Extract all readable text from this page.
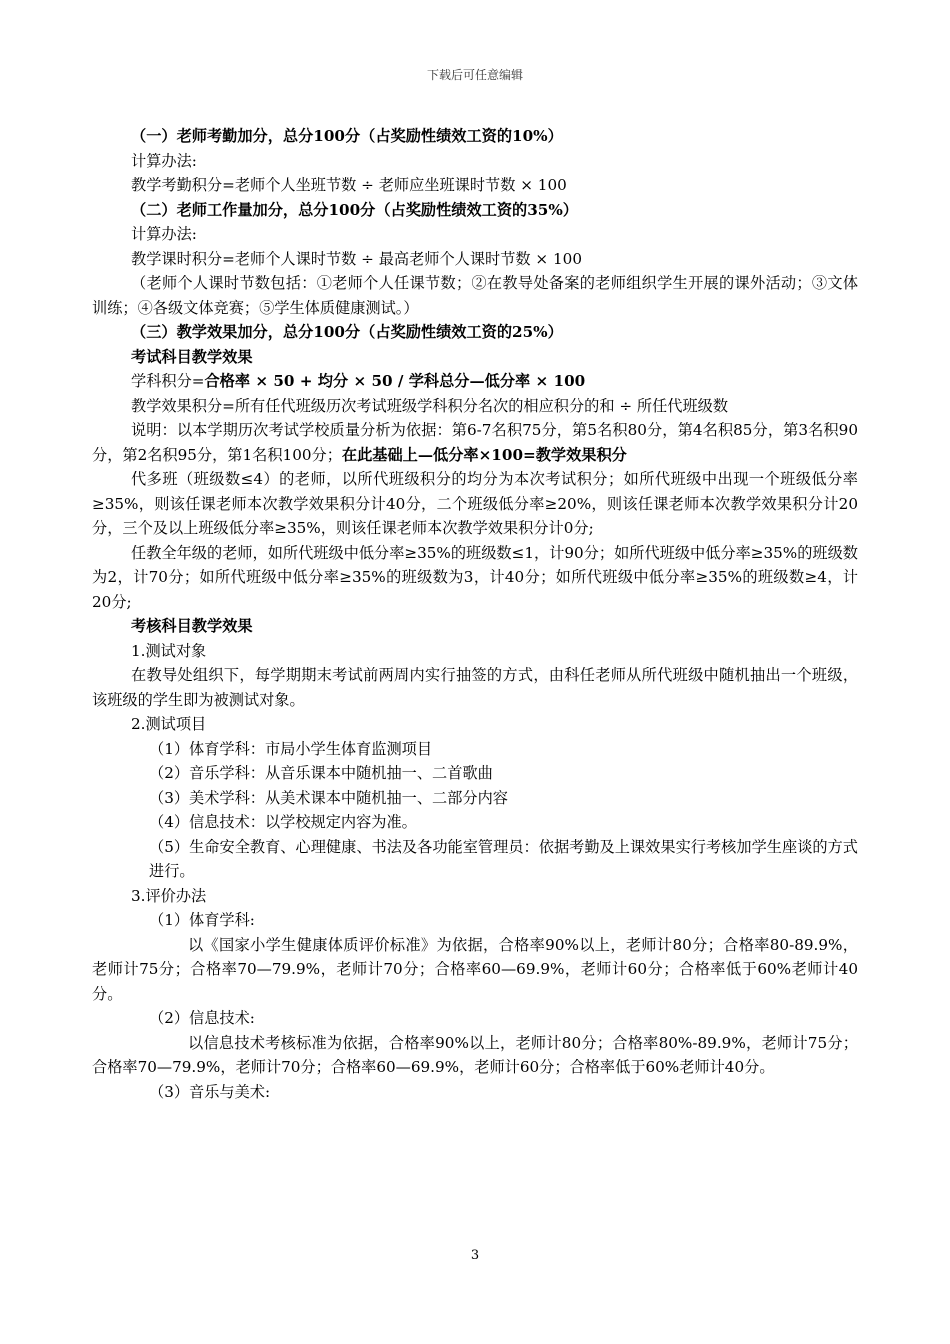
下载后可任意编辑

（一）老师考勤加分，总分100分（占奖励性绩效工资的10%）

计算办法:

教学考勤积分=老师个人坐班节数 ÷ 老师应坐班课时节数 × 100

（二）老师工作量加分，总分100分（占奖励性绩效工资的35%）

计算办法:

教学课时积分=老师个人课时节数 ÷ 最高老师个人课时节数 × 100

（老师个人课时节数包括：①老师个人任课节数；②在教导处备案的老师组织学生开展的课外活动；③文体训练；④各级文体竞赛；⑤学生体质健康测试。）

（三）教学效果加分，总分100分（占奖励性绩效工资的25%）

考试科目教学效果

学科积分=合格率 × 50 + 均分 × 50 / 学科总分—低分率 × 100

教学效果积分=所有任代班级历次考试班级学科积分名次的相应积分的和 ÷ 所任代班级数

说明：以本学期历次考试学校质量分析为依据：第6-7名积75分，第5名积80分，第4名积85分，第3名积90分，第2名积95分，第1名积100分；在此基础上—低分率×100=教学效果积分

代多班（班级数≤4）的老师，以所代班级积分的均分为本次考试积分；如所代班级中出现一个班级低分率≥35%，则该任课老师本次教学效果积分计40分，二个班级低分率≥20%，则该任课老师本次教学效果积分计20分，三个及以上班级低分率≥35%，则该任课老师本次教学效果积分计0分;

任教全年级的老师，如所代班级中低分率≥35%的班级数≤1，计90分；如所代班级中低分率≥35%的班级数为2，计70分；如所代班级中低分率≥35%的班级数为3，计40分；如所代班级中低分率≥35%的班级数≥4，计20分;

考核科目教学效果

1.测试对象

在教导处组织下，每学期期末考试前两周内实行抽签的方式，由科任老师从所代班级中随机抽出一个班级，该班级的学生即为被测试对象。

2.测试项目

（1）体育学科：市局小学生体育监测项目

（2）音乐学科：从音乐课本中随机抽一、二首歌曲

（3）美术学科：从美术课本中随机抽一、二部分内容

（4）信息技术：以学校规定内容为准。

（5）生命安全教育、心理健康、书法及各功能室管理员：依据考勤及上课效果实行考核加学生座谈的方式进行。

3.评价办法

（1）体育学科:

以《国家小学生健康体质评价标准》为依据，合格率90%以上，老师计80分；合格率80-89.9%，老师计75分；合格率70—79.9%，老师计70分；合格率60—69.9%，老师计60分；合格率低于60%老师计40分。

（2）信息技术:

以信息技术考核标准为依据，合格率90%以上，老师计80分；合格率80%-89.9%，老师计75分；合格率70—79.9%，老师计70分；合格率60—69.9%，老师计60分；合格率低于60%老师计40分。

（3）音乐与美术:

3
